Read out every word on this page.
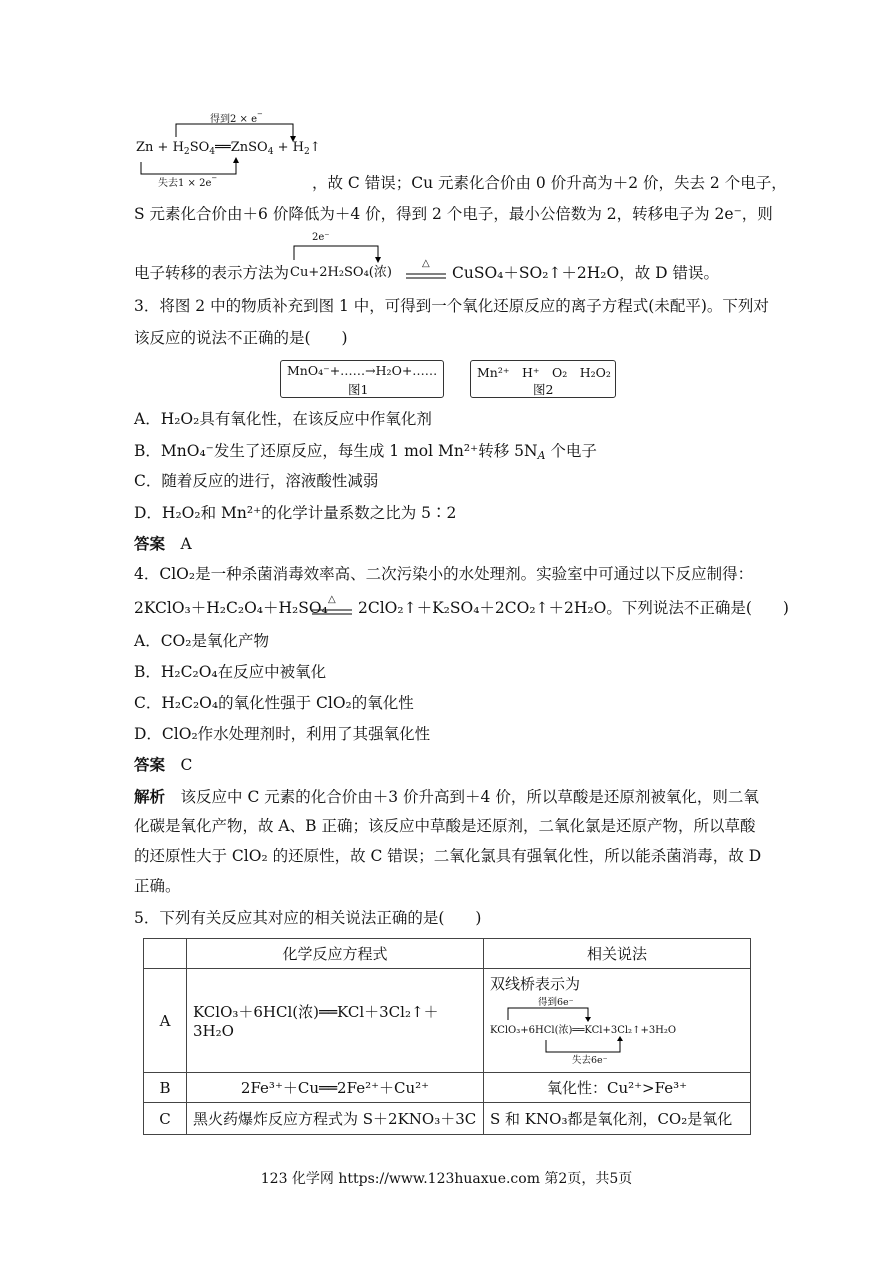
得到2 × e−
$Zn + H_2SO_4══ZnSO_4$ + $H_2↑$
失去1 × 2e−	，故 C 错误；Cu 元素化合价由 0 价升高为＋2 价，失去 2 个电子，
S 元素化合价由＋6 价降低为＋4 价，得到 2 个电子，最小公倍数为 2，转移电子为 2e⁻，则
2e⁻
电子转移的表示方法为 Cu+2H₂SO₄(浓)
△
CuSO₄＋SO₂↑＋2H₂O，故 D 错误。
3．将图 2 中的物质补充到图 1 中，可得到一个氧化还原反应的离子方程式(未配平)。下列对
该反应的说法不正确的是(　　)
MnO₄⁻+……→H₂O+……
图1
Mn²⁺　H⁺　O₂　H₂O₂
图2
A．H₂O₂具有氧化性，在该反应中作氧化剂
B．MnO₄⁻发生了还原反应，每生成 1 mol Mn²⁺转移 $5N_A$ 个电子
C．随着反应的进行，溶液酸性减弱
D．H₂O₂和 Mn²⁺的化学计量系数之比为 5∶2
答案　 A
4．ClO₂是一种杀菌消毒效率高、二次污染小的水处理剂。实验室中可通过以下反应制得：
2KClO₃＋H₂C₂O₄＋H₂SO₄ △ 2ClO₂↑＋K₂SO₄＋2CO₂↑＋2H₂O。下列说法不正确是(　　)
A．CO₂是氧化产物
B．H₂C₂O₄在反应中被氧化
C．H₂C₂O₄的氧化性强于 ClO₂的氧化性
D．ClO₂作水处理剂时，利用了其强氧化性
答案　 C
解析　 该反应中 C 元素的化合价由＋3 价升高到＋4 价，所以草酸是还原剂被氧化，则二氧
化碳是氧化产物，故 A、B 正确；该反应中草酸是还原剂，二氧化氯是还原产物，所以草酸
的还原性大于 ClO₂ 的还原性，故 C 错误；二氧化氯具有强氧化性，所以能杀菌消毒，故 D
正确。
5．下列有关反应其对应的相关说法正确的是(　　)
	化学反应方程式	相关说法
A	KClO₃＋6HCl(浓)══KCl＋3Cl₂↑＋3H₂O	双线桥表示为
得到6e⁻
KClO₃+6HCl(浓)══KCl+3Cl₂↑+3H₂O
失去6e⁻

B	2Fe³⁺＋Cu══2Fe²⁺＋Cu²⁺	氧化性：Cu²⁺>Fe³⁺
C	黑火药爆炸反应方程式为 S＋2KNO₃＋3C	S 和 KNO₃都是氧化剂，CO₂是氧化
123 化学网 https://www.123huaxue.com 第2页，共5页
